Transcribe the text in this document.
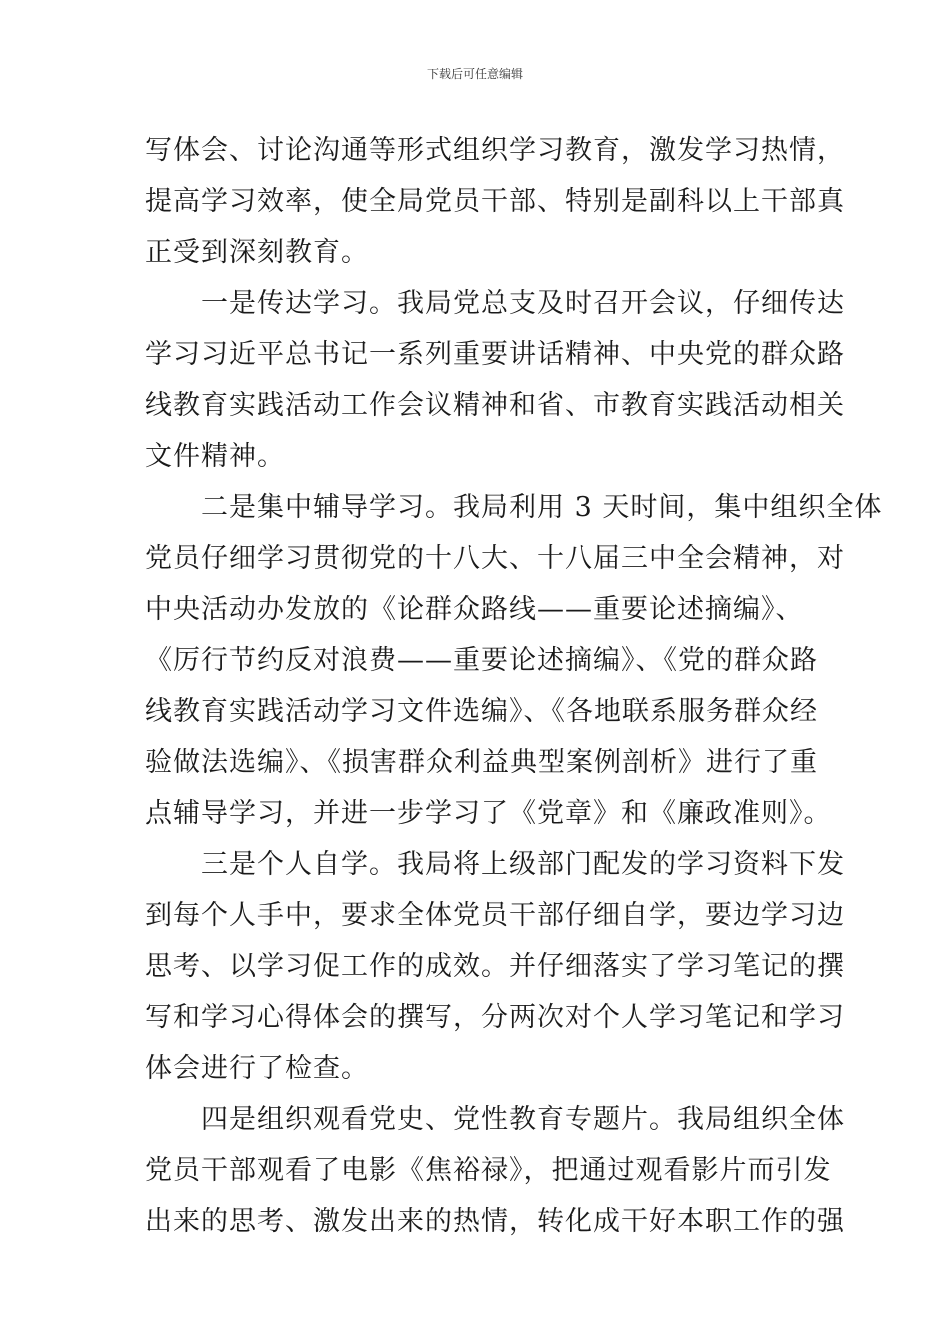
下载后可任意编辑
写体会、讨论沟通等形式组织学习教育，激发学习热情，
提高学习效率，使全局党员干部、特别是副科以上干部真
正受到深刻教育。
一是传达学习。我局党总支及时召开会议，仔细传达
学习习近平总书记一系列重要讲话精神、中央党的群众路
线教育实践活动工作会议精神和省、市教育实践活动相关
文件精神。
二是集中辅导学习。我局利用 3 天时间，集中组织全体
党员仔细学习贯彻党的十八大、十八届三中全会精神，对
中央活动办发放的《论群众路线——重要论述摘编》、
《厉行节约反对浪费——重要论述摘编》、《党的群众路
线教育实践活动学习文件选编》、《各地联系服务群众经
验做法选编》、《损害群众利益典型案例剖析》进行了重
点辅导学习，并进一步学习了《党章》和《廉政准则》。
三是个人自学。我局将上级部门配发的学习资料下发
到每个人手中，要求全体党员干部仔细自学，要边学习边
思考、以学习促工作的成效。并仔细落实了学习笔记的撰
写和学习心得体会的撰写，分两次对个人学习笔记和学习
体会进行了检查。
四是组织观看党史、党性教育专题片。我局组织全体
党员干部观看了电影《焦裕禄》，把通过观看影片而引发
出来的思考、激发出来的热情，转化成干好本职工作的强
